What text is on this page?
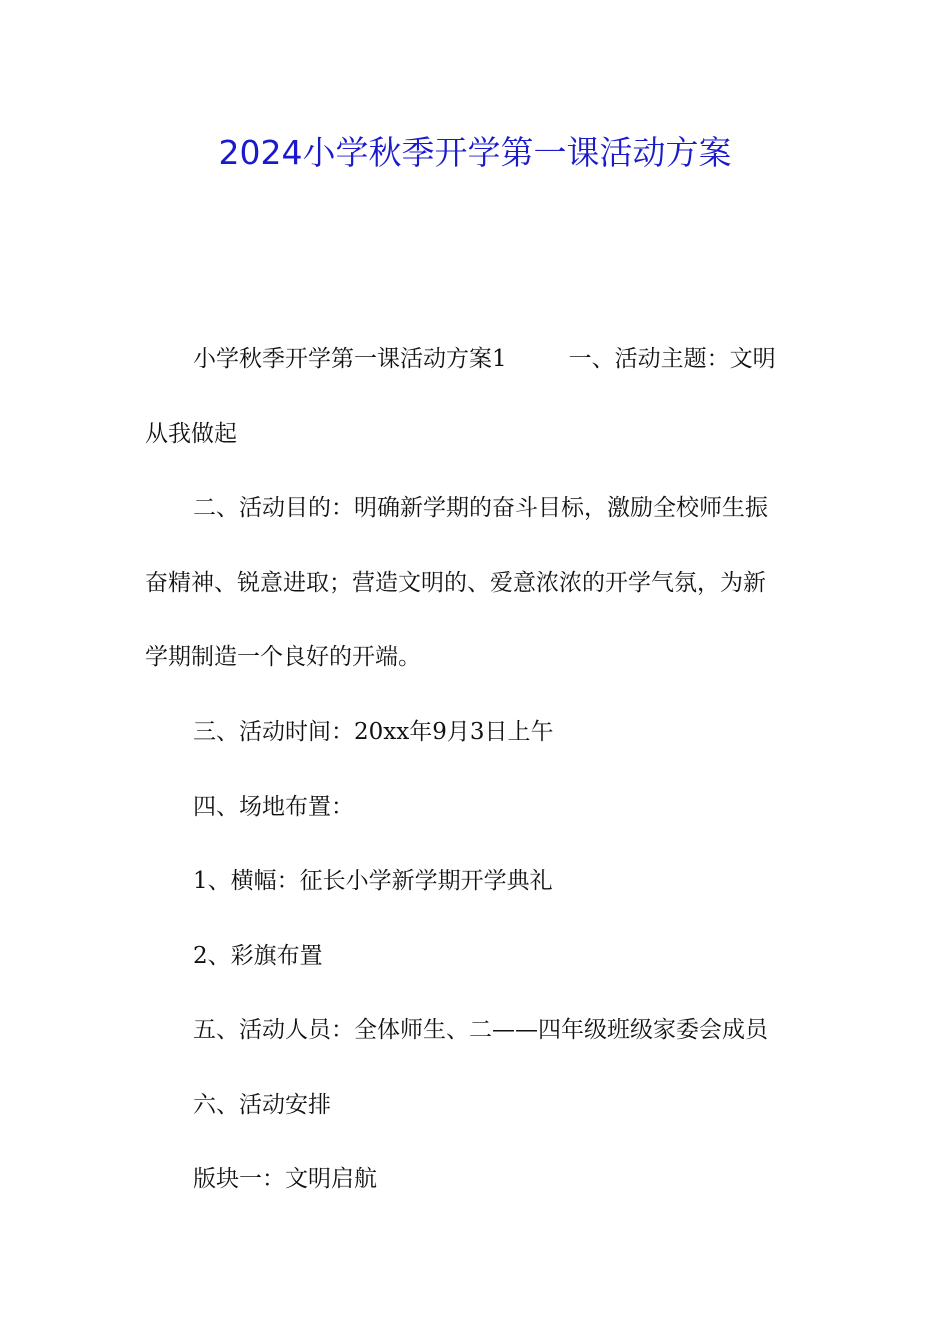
2024小学秋季开学第一课活动方案

小学秋季开学第一课活动方案1	一、活动主题：文明

从我做起

二、活动目的：明确新学期的奋斗目标，激励全校师生振

奋精神、锐意进取；营造文明的、爱意浓浓的开学气氛，为新

学期制造一个良好的开端。

三、活动时间：20xx年9月3日上午

四、场地布置：

1、横幅：征长小学新学期开学典礼

2、彩旗布置

五、活动人员：全体师生、二——四年级班级家委会成员

六、活动安排

版块一：文明启航
